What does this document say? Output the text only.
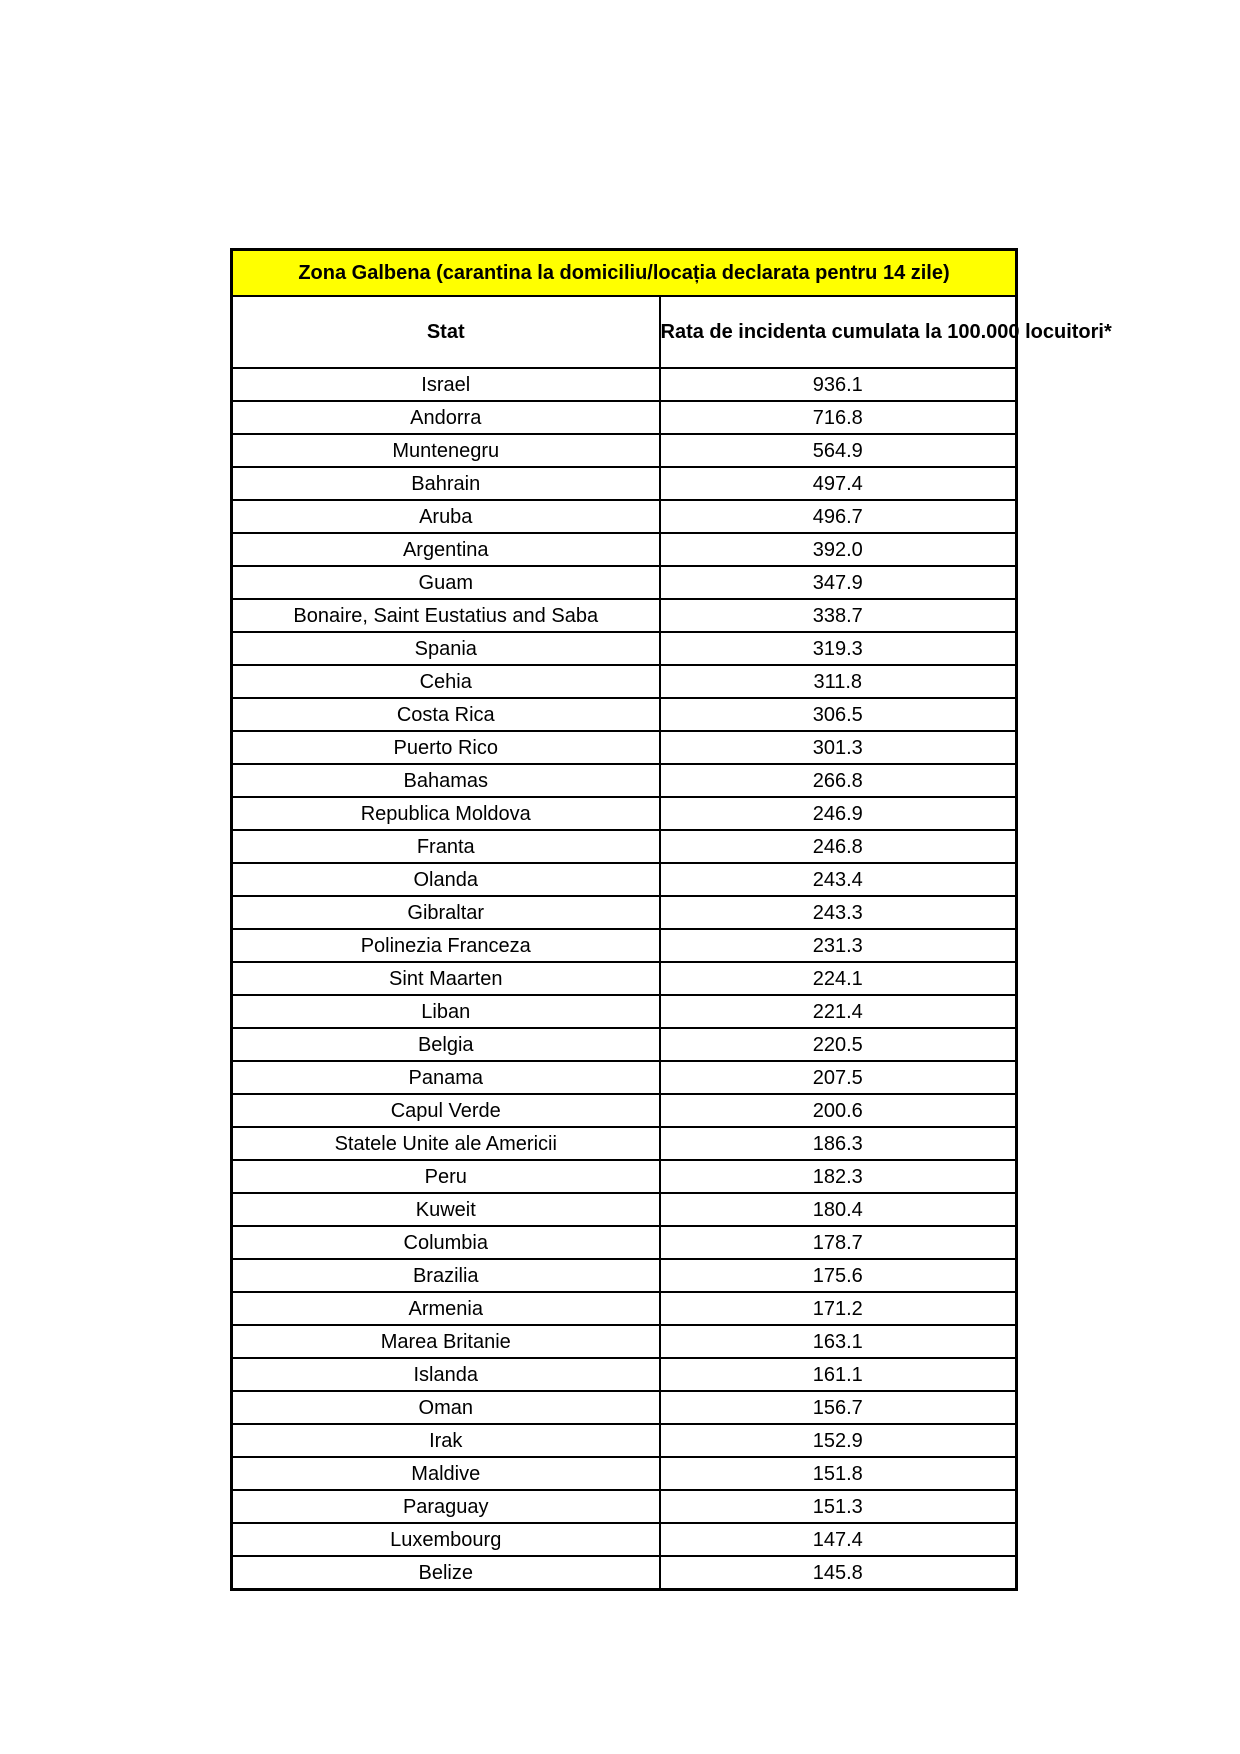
Zona Galbena (carantina la domiciliu/locația declarata pentru 14 zile)	
Stat	Rata de incidenta cumulata la 100.000 locuitori*
Israel	936.1
Andorra	716.8
Muntenegru	564.9
Bahrain	497.4
Aruba	496.7
Argentina	392.0
Guam	347.9
Bonaire, Saint Eustatius and Saba	338.7
Spania	319.3
Cehia	311.8
Costa Rica	306.5
Puerto Rico	301.3
Bahamas	266.8
Republica Moldova	246.9
Franta	246.8
Olanda	243.4
Gibraltar	243.3
Polinezia Franceza	231.3
Sint Maarten	224.1
Liban	221.4
Belgia	220.5
Panama	207.5
Capul Verde	200.6
Statele Unite ale Americii	186.3
Peru	182.3
Kuweit	180.4
Columbia	178.7
Brazilia	175.6
Armenia	171.2
Marea Britanie	163.1
Islanda	161.1
Oman	156.7
Irak	152.9
Maldive	151.8
Paraguay	151.3
Luxembourg	147.4
Belize	145.8
